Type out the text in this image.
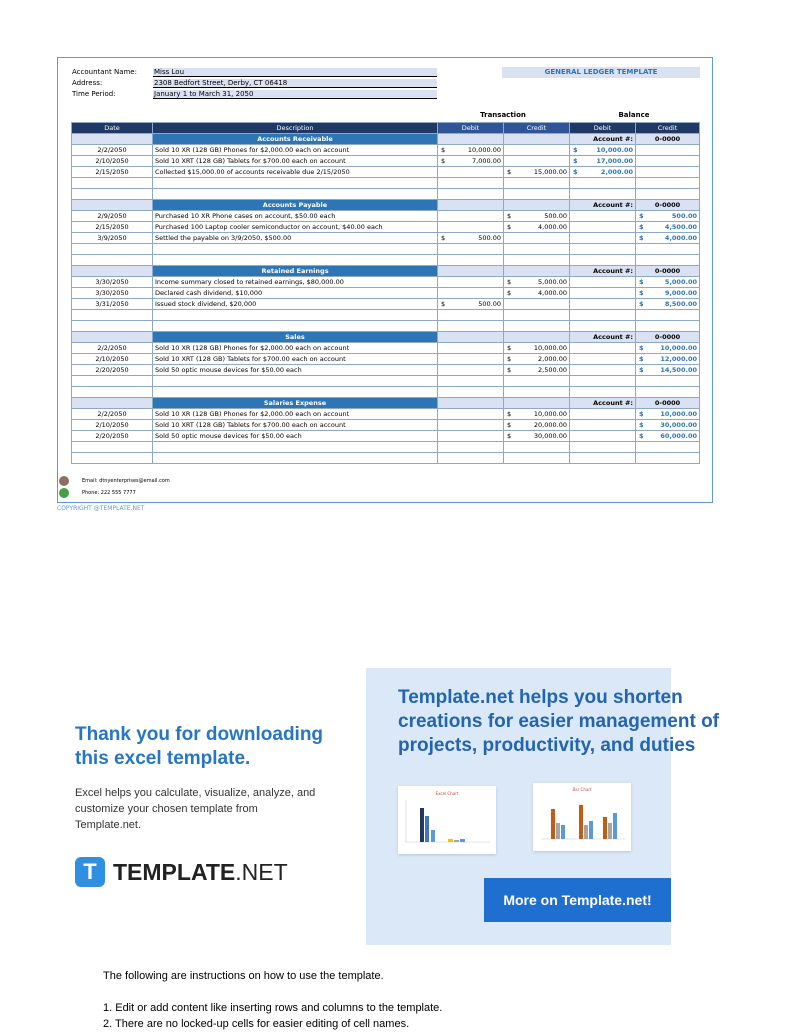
Accountant Name:	Miss Lou
Address:	2308 Bedfort Street, Derby, CT 06418
Time Period:	January 1 to March 31, 2050
GENERAL LEDGER TEMPLATE
Transaction	Balance
Date	Description	Debit	Credit	Debit	Credit
	Accounts Receivable			Account #:	0-0000
2/2/2050	Sold 10 XR (128 GB) Phones for $2,000.00 each on account	$ 10,000.00		$ 10,000.00	
2/10/2050	Sold 10 XRT (128 GB) Tablets for $700.00 each on account	$ 7,000.00		$ 17,000.00	
2/15/2050	Collected $15,000.00 of accounts receivable due 2/15/2050		$ 15,000.00	$ 2,000.00	

	Accounts Payable			Account #:	0-0000
2/9/2050	Purchased 10 XR Phone cases on account, $50.00 each		$ 500.00		$ 500.00
2/15/2050	Purchased 100 Laptop cooler semiconductor on account, $40.00 each		$ 4,000.00		$ 4,500.00
3/9/2050	Settled the payable on 3/9/2050, $500.00	$ 500.00			$ 4,000.00

	Retained Earnings			Account #:	0-0000
3/30/2050	Income summary closed to retained earnings, $80,000.00		$ 5,000.00		$ 5,000.00
3/30/2050	Declared cash dividend, $10,000		$ 4,000.00		$ 9,000.00
3/31/2050	Issued stock dividend, $20,000	$ 500.00			$ 8,500.00

	Sales			Account #:	0-0000
2/2/2050	Sold 10 XR (128 GB) Phones for $2,000.00 each on account		$ 10,000.00		$ 10,000.00
2/10/2050	Sold 10 XRT (128 GB) Tablets for $700.00 each on account		$ 2,000.00		$ 12,000.00
2/20/2050	Sold 50 optic mouse devices for $50.00 each		$ 2,500.00		$ 14,500.00

	Salaries Expense			Account #:	0-0000
2/2/2050	Sold 10 XR (128 GB) Phones for $2,000.00 each on account		$ 10,000.00		$ 10,000.00
2/10/2050	Sold 10 XRT (128 GB) Tablets for $700.00 each on account		$ 20,000.00		$ 30,000.00
2/20/2050	Sold 50 optic mouse devices for $50.00 each		$ 30,000.00		$ 60,000.00

Email: dtnyenterprises@email.com
Phone: 222 555 7777
COPYRIGHT @TEMPLATE.NET
Thank you for downloading
this excel template.
Excel helps you calculate, visualize, analyze, and customize your chosen template from Template.net.
T TEMPLATE.NET
Template.net helps you shorten
creations for easier management of
projects, productivity, and duties
Excel Chart
Bar Chart
More on Template.net!

The following are instructions on how to use the template.

1. Edit or add content like inserting rows and columns to the template.

2. There are no locked-up cells for easier editing of cell names.
